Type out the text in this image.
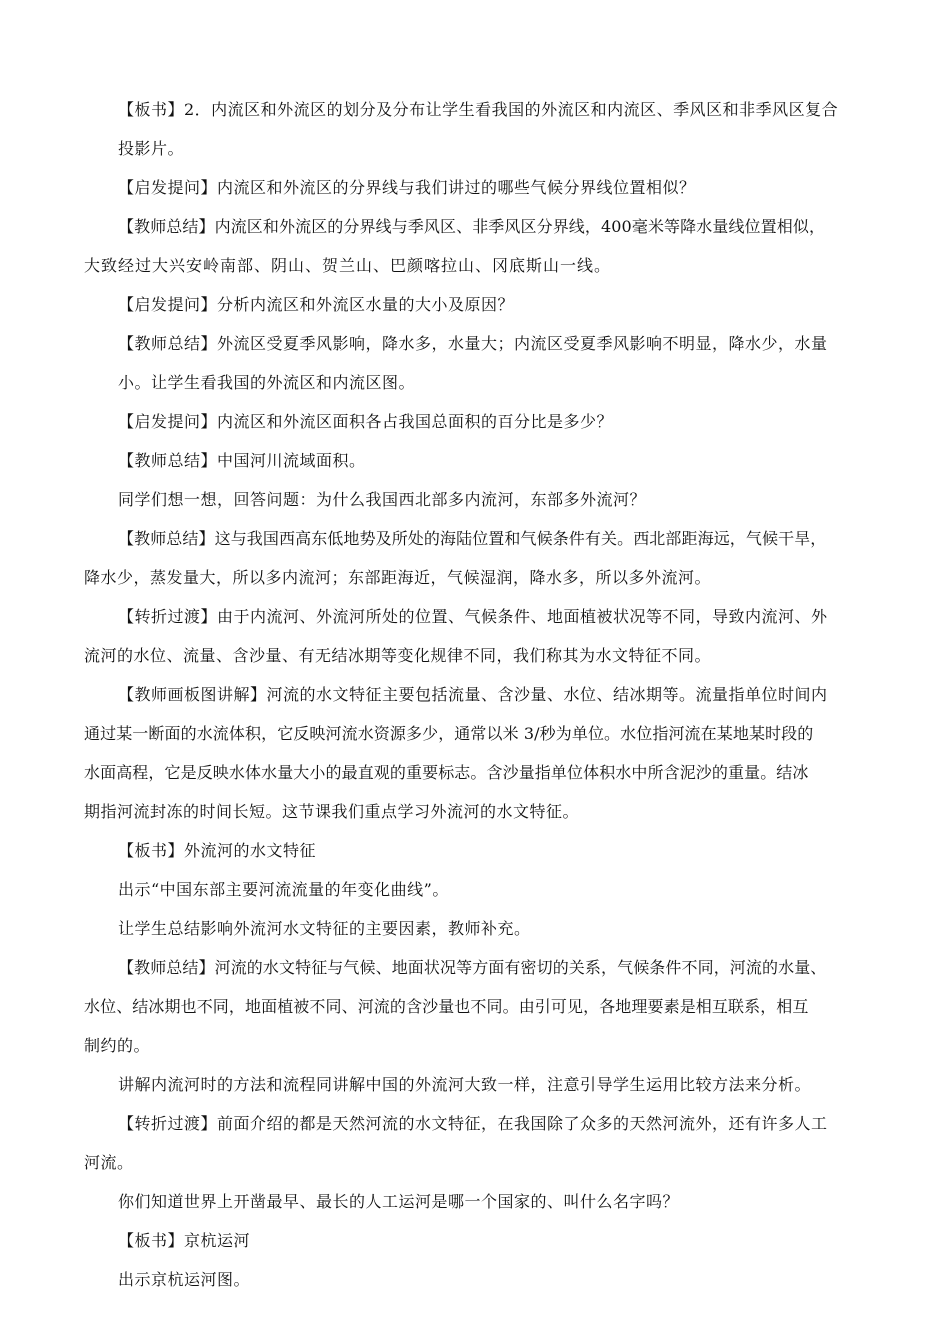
【板书】2．内流区和外流区的划分及分布让学生看我国的外流区和内流区、季风区和非季风区复合
投影片。
【启发提问】内流区和外流区的分界线与我们讲过的哪些气候分界线位置相似？
【教师总结】内流区和外流区的分界线与季风区、非季风区分界线，400毫米等降水量线位置相似，
大致经过大兴安岭南部、阴山、贺兰山、巴颜喀拉山、冈底斯山一线。
【启发提问】分析内流区和外流区水量的大小及原因？
【教师总结】外流区受夏季风影响，降水多，水量大；内流区受夏季风影响不明显，降水少，水量
小。让学生看我国的外流区和内流区图。
【启发提问】内流区和外流区面积各占我国总面积的百分比是多少？
【教师总结】中国河川流域面积。
同学们想一想，回答问题：为什么我国西北部多内流河，东部多外流河？
【教师总结】这与我国西高东低地势及所处的海陆位置和气候条件有关。西北部距海远，气候干旱，
降水少，蒸发量大，所以多内流河；东部距海近，气候湿润，降水多，所以多外流河。
【转折过渡】由于内流河、外流河所处的位置、气候条件、地面植被状况等不同，导致内流河、外
流河的水位、流量、含沙量、有无结冰期等变化规律不同，我们称其为水文特征不同。
【教师画板图讲解】河流的水文特征主要包括流量、含沙量、水位、结冰期等。流量指单位时间内
通过某一断面的水流体积，它反映河流水资源多少，通常以米 3/秒为单位。水位指河流在某地某时段的
水面高程，它是反映水体水量大小的最直观的重要标志。含沙量指单位体积水中所含泥沙的重量。结冰
期指河流封冻的时间长短。这节课我们重点学习外流河的水文特征。
【板书】外流河的水文特征
出示“中国东部主要河流流量的年变化曲线”。
让学生总结影响外流河水文特征的主要因素，教师补充。
【教师总结】河流的水文特征与气候、地面状况等方面有密切的关系，气候条件不同，河流的水量、
水位、结冰期也不同，地面植被不同、河流的含沙量也不同。由引可见，各地理要素是相互联系，相互
制约的。
讲解内流河时的方法和流程同讲解中国的外流河大致一样，注意引导学生运用比较方法来分析。
【转折过渡】前面介绍的都是天然河流的水文特征，在我国除了众多的天然河流外，还有许多人工
河流。
你们知道世界上开凿最早、最长的人工运河是哪一个国家的、叫什么名字吗？
【板书】京杭运河
出示京杭运河图。
